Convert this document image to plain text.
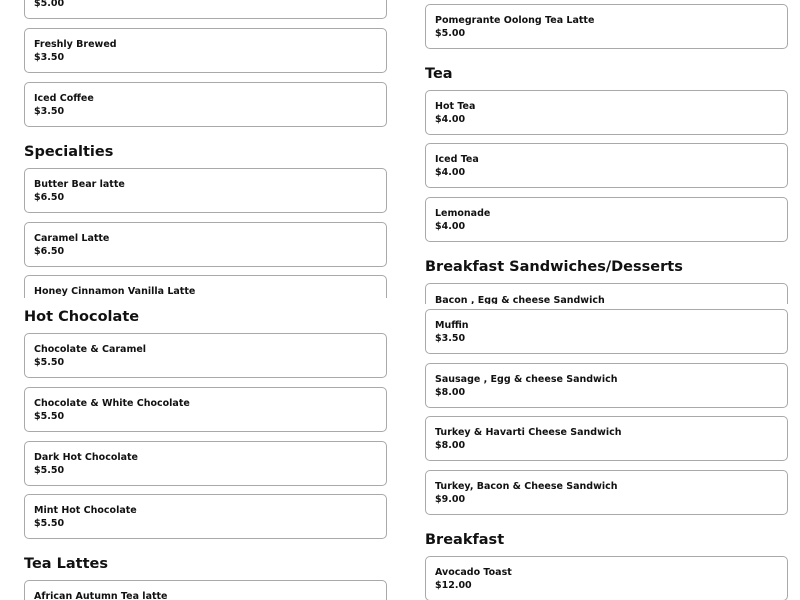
$5.00
Freshly Brewed
$3.50
Iced Coffee
$3.50
Specialties
Butter Bear latte
$6.50
Caramel Latte
$6.50
Honey Cinnamon Vanilla Latte
Hot Chocolate
Chocolate & Caramel
$5.50
Chocolate & White Chocolate
$5.50
Dark Hot Chocolate
$5.50
Mint Hot Chocolate
$5.50
Tea Lattes
African Autumn Tea latte
Pomegrante Oolong Tea Latte
$5.00
Tea
Hot Tea
$4.00
Iced Tea
$4.00
Lemonade
$4.00
Breakfast Sandwiches/Desserts
Bacon , Egg & cheese Sandwich
Muffin
$3.50
Sausage , Egg & cheese Sandwich
$8.00
Turkey & Havarti Cheese Sandwich
$8.00
Turkey, Bacon & Cheese Sandwich
$9.00
Breakfast
Avocado Toast
$12.00
